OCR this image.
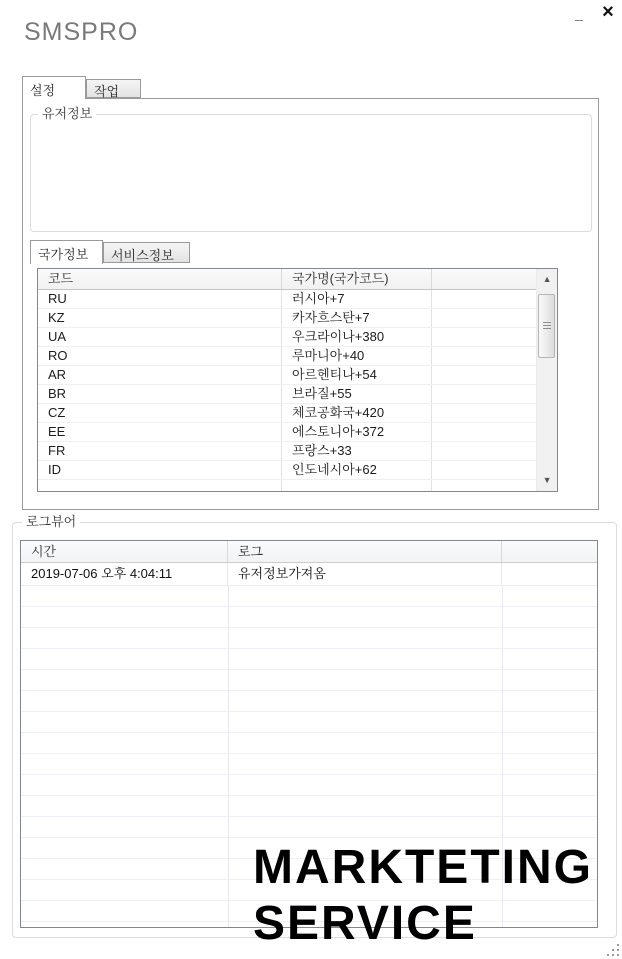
SMSPRO
_ ×
설정	작업
유저정보
국가정보	서비스정보
코드	국가명(국가코드)
RU	러시아+7
KZ	카자흐스탄+7
UA	우크라이나+380
RO	루마니아+40
AR	아르헨티나+54
BR	브라질+55
CZ	체코공화국+420
EE	에스토니아+372
FR	프랑스+33
ID	인도네시아+62
▲
▼
로그뷰어
시간	로그
2019-07-06 오후 4:04:11	유저정보가져옴
MARKTETING
SERVICE
